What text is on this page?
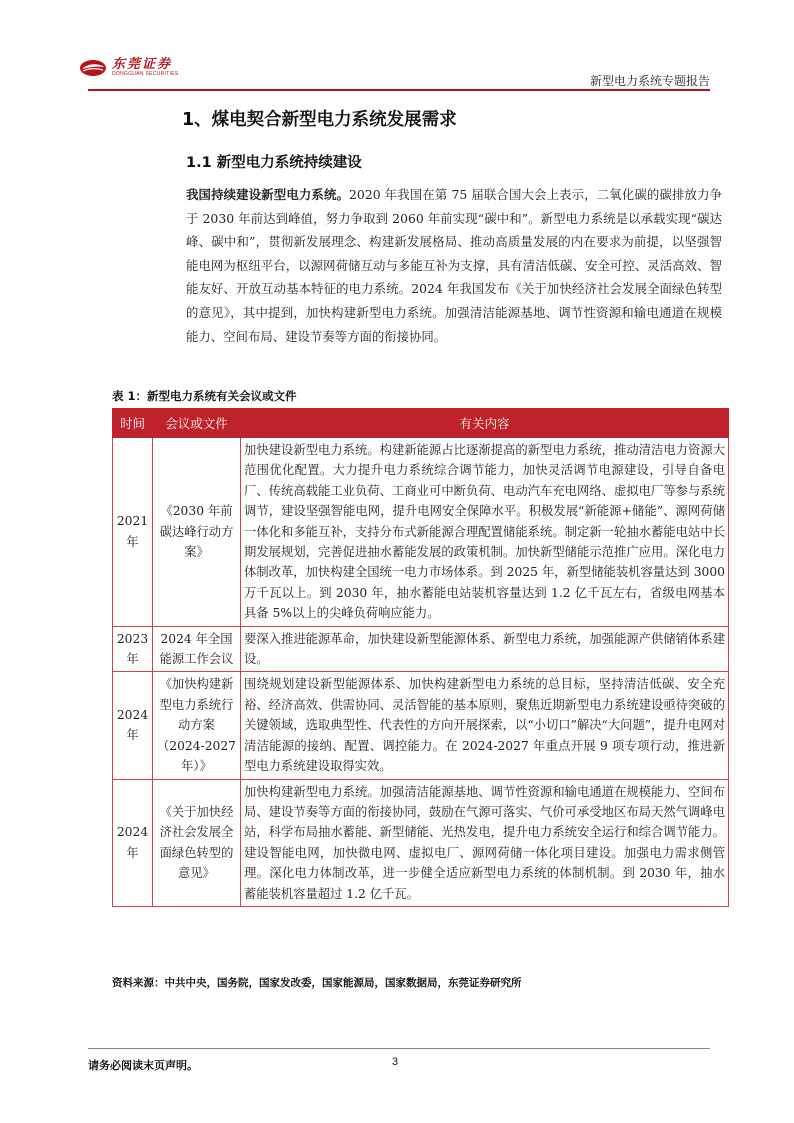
东莞证券
DONGGUAN SECURITIES	新型电力系统专题报告
1、煤电契合新型电力系统发展需求
1.1 新型电力系统持续建设
我国持续建设新型电力系统。2020 年我国在第 75 届联合国大会上表示，二氧化碳的碳排放力争于 2030 年前达到峰值，努力争取到 2060 年前实现“碳中和”。新型电力系统是以承载实现“碳达峰、碳中和”，贯彻新发展理念、构建新发展格局、推动高质量发展的内在要求为前提，以坚强智能电网为枢纽平台，以源网荷储互动与多能互补为支撑，具有清洁低碳、安全可控、灵活高效、智能友好、开放互动基本特征的电力系统。2024 年我国发布《关于加快经济社会发展全面绿色转型的意见》，其中提到，加快构建新型电力系统。加强清洁能源基地、调节性资源和输电通道在规模能力、空间布局、建设节奏等方面的衔接协同。
表 1：新型电力系统有关会议或文件
时间	会议或文件	有关内容
2021 年	《2030 年前碳达峰行动方案》	加快建设新型电力系统。构建新能源占比逐渐提高的新型电力系统，推动清洁电力资源大范围优化配置。大力提升电力系统综合调节能力，加快灵活调节电源建设，引导自备电厂、传统高载能工业负荷、工商业可中断负荷、电动汽车充电网络、虚拟电厂等参与系统调节，建设坚强智能电网，提升电网安全保障水平。积极发展“新能源+储能”、源网荷储一体化和多能互补，支持分布式新能源合理配置储能系统。制定新一轮抽水蓄能电站中长期发展规划，完善促进抽水蓄能发展的政策机制。加快新型储能示范推广应用。深化电力体制改革，加快构建全国统一电力市场体系。到 2025 年，新型储能装机容量达到 3000 万千瓦以上。到 2030 年，抽水蓄能电站装机容量达到 1.2 亿千瓦左右，省级电网基本具备 5%以上的尖峰负荷响应能力。
2023 年	2024 年全国能源工作会议	要深入推进能源革命，加快建设新型能源体系、新型电力系统，加强能源产供储销体系建设。
2024 年	《加快构建新型电力系统行动方案（2024-2027 年）》	围绕规划建设新型能源体系、加快构建新型电力系统的总目标，坚持清洁低碳、安全充裕、经济高效、供需协同、灵活智能的基本原则，聚焦近期新型电力系统建设亟待突破的关键领域，选取典型性、代表性的方向开展探索，以“小切口”解决“大问题”，提升电网对清洁能源的接纳、配置、调控能力。在 2024-2027 年重点开展 9 项专项行动，推进新型电力系统建设取得实效。
2024 年	《关于加快经济社会发展全面绿色转型的意见》	加快构建新型电力系统。加强清洁能源基地、调节性资源和输电通道在规模能力、空间布局、建设节奏等方面的衔接协同，鼓励在气源可落实、气价可承受地区布局天然气调峰电站，科学布局抽水蓄能、新型储能、光热发电，提升电力系统安全运行和综合调节能力。建设智能电网，加快微电网、虚拟电厂、源网荷储一体化项目建设。加强电力需求侧管理。深化电力体制改革，进一步健全适应新型电力系统的体制机制。到 2030 年，抽水蓄能装机容量超过 1.2 亿千瓦。
资料来源：中共中央，国务院，国家发改委，国家能源局，国家数据局，东莞证券研究所
请务必阅读末页声明。	3
